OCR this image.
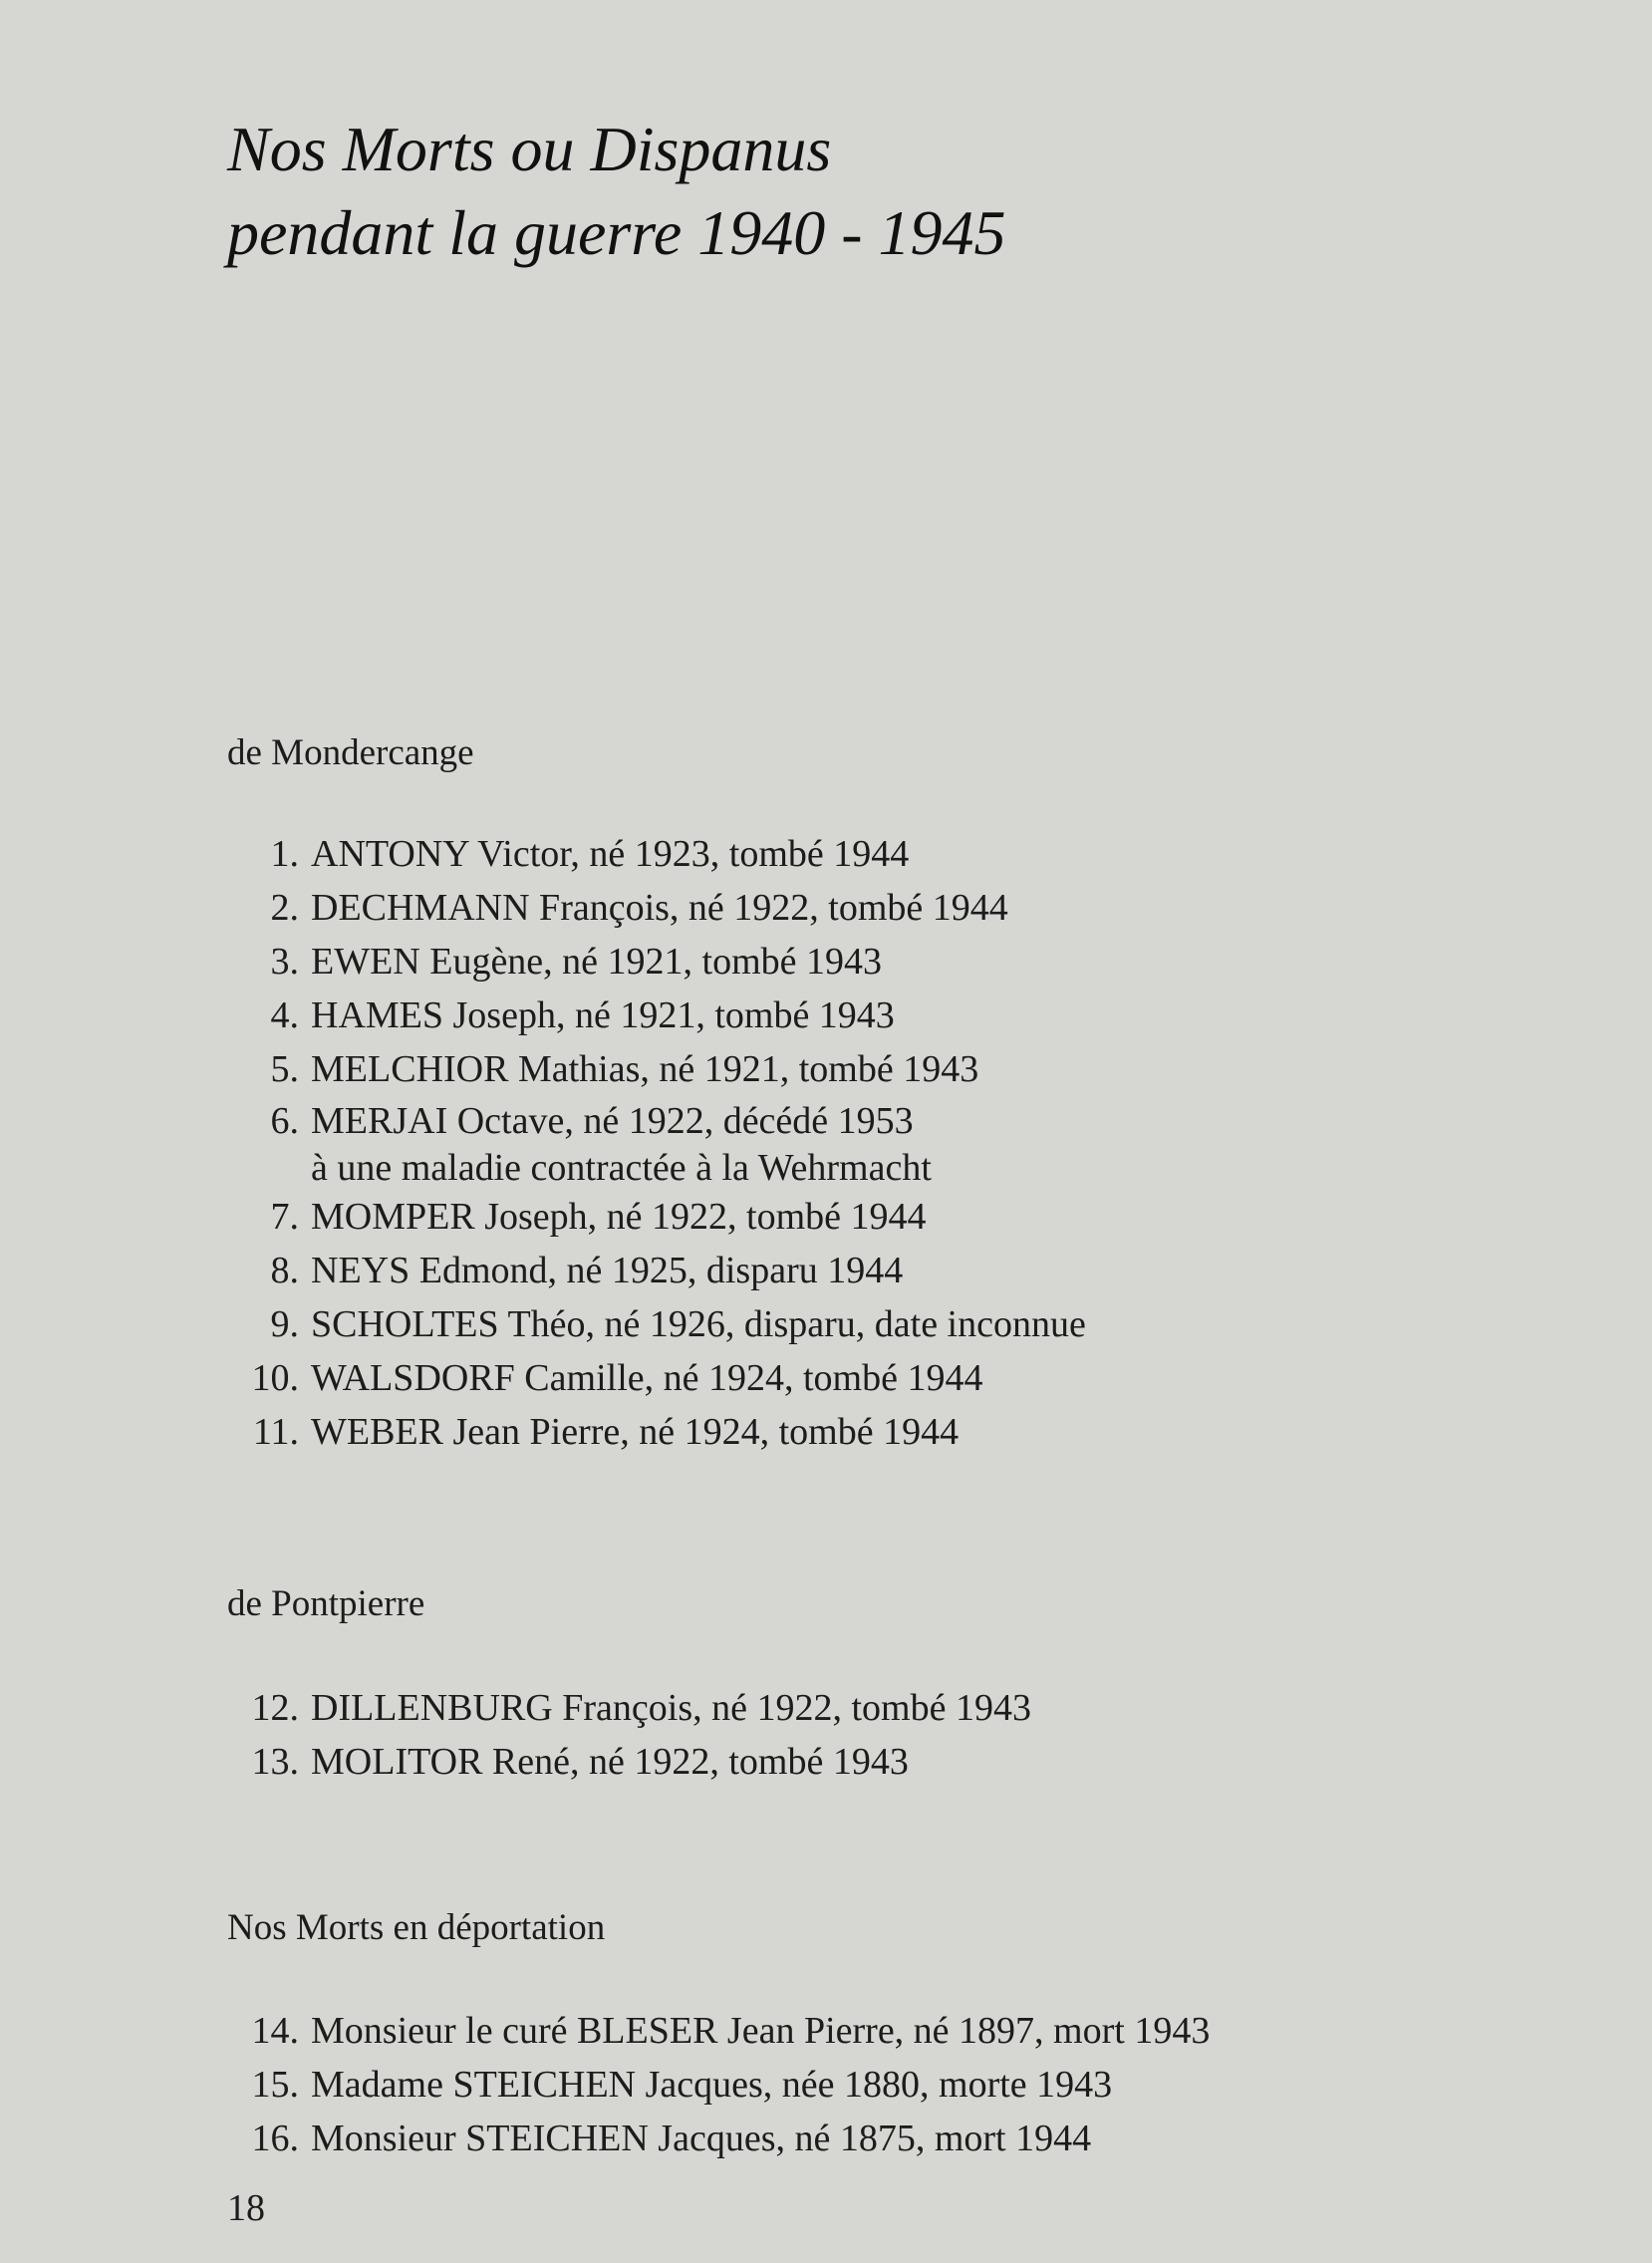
Nos Morts ou Dispanus
pendant la guerre 1940 - 1945
de Mondercange
1. ANTONY Victor, né 1923, tombé 1944
2. DECHMANN François, né 1922, tombé 1944
3. EWEN Eugène, né 1921, tombé 1943
4. HAMES Joseph, né 1921, tombé 1943
5. MELCHIOR Mathias, né 1921, tombé 1943
6. MERJAI Octave, né 1922, décédé 1953
à une maladie contractée à la Wehrmacht
7. MOMPER Joseph, né 1922, tombé 1944
8. NEYS Edmond, né 1925, disparu 1944
9. SCHOLTES Théo, né 1926, disparu, date inconnue
10. WALSDORF Camille, né 1924, tombé 1944
11. WEBER Jean Pierre, né 1924, tombé 1944
de Pontpierre
12. DILLENBURG François, né 1922, tombé 1943
13. MOLITOR René, né 1922, tombé 1943
Nos Morts en déportation
14. Monsieur le curé BLESER Jean Pierre, né 1897, mort 1943
15. Madame STEICHEN Jacques, née 1880, morte 1943
16. Monsieur STEICHEN Jacques, né 1875, mort 1944

18
